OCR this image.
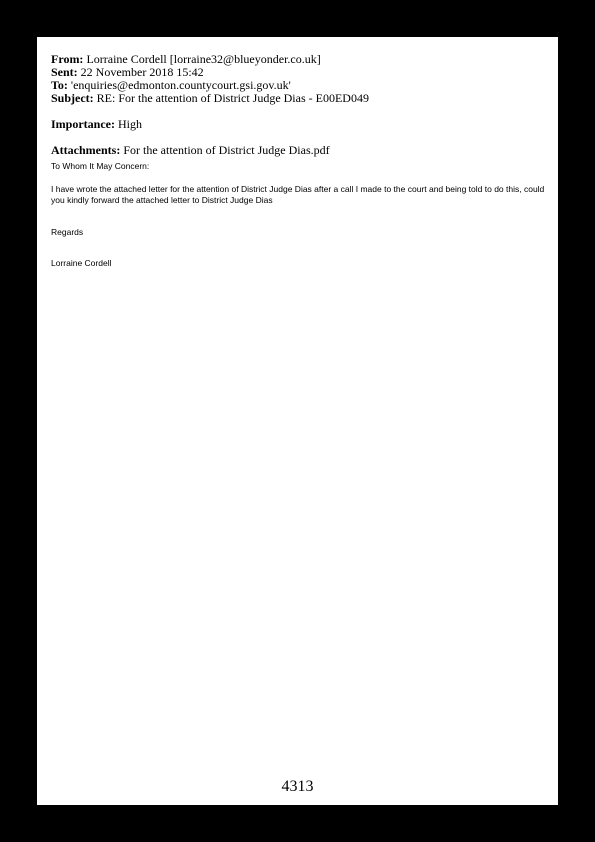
From: Lorraine Cordell [lorraine32@blueyonder.co.uk]
Sent: 22 November 2018 15:42
To: 'enquiries@edmonton.countycourt.gsi.gov.uk'
Subject: RE: For the attention of District Judge Dias - E00ED049
Importance: High
Attachments: For the attention of District Judge Dias.pdf

To Whom It May Concern:

I have wrote the attached letter for the attention of District Judge Dias after a call I made to the court and being told to do this, could you kindly forward the attached letter to District Judge Dias

Regards

Lorraine Cordell

4313
